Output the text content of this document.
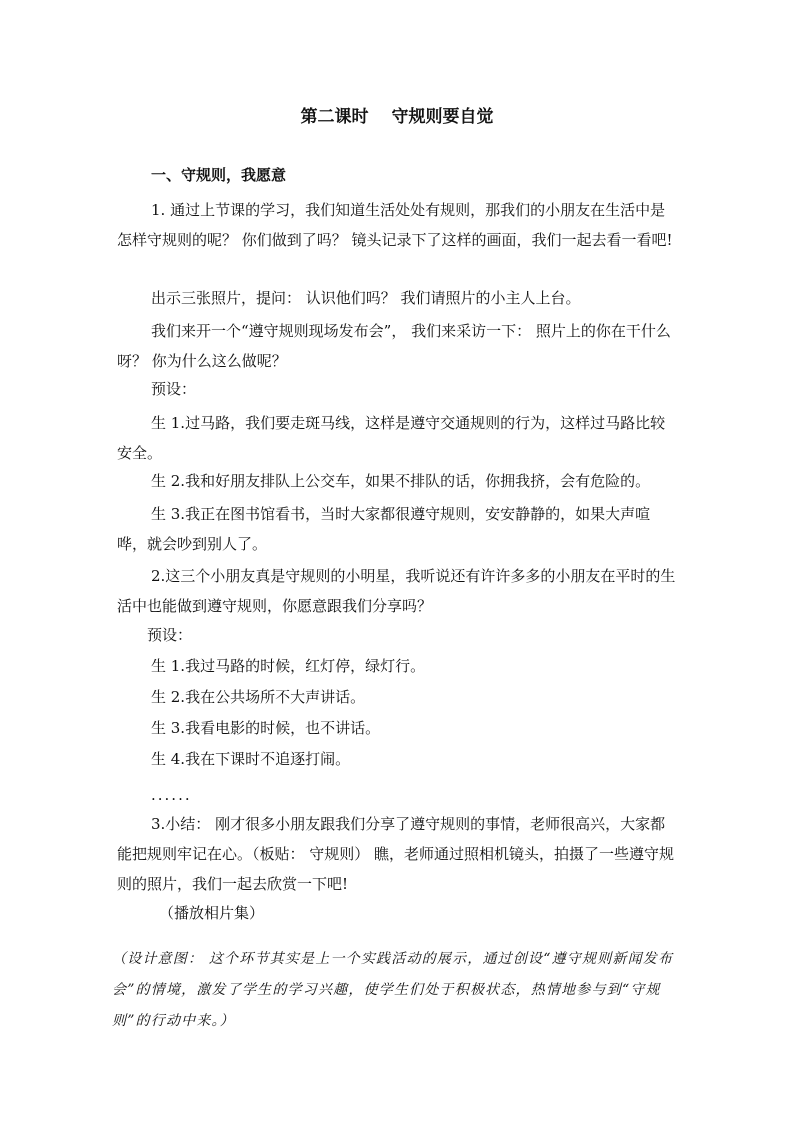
第二课时　 守规则要自觉

一、守规则，我愿意

1. 通过上节课的学习，我们知道生活处处有规则，那我们的小朋友在生活中是怎样守规则的呢？ 你们做到了吗？ 镜头记录下了这样的画面，我们一起去看一看吧!

出示三张照片，提问： 认识他们吗？ 我们请照片的小主人上台。

我们来开一个“遵守规则现场发布会”， 我们来采访一下： 照片上的你在干什么呀？ 你为什么这么做呢？

预设：

生 1.过马路，我们要走斑马线，这样是遵守交通规则的行为，这样过马路比较安全。

生 2.我和好朋友排队上公交车，如果不排队的话，你拥我挤，会有危险的。

生 3.我正在图书馆看书，当时大家都很遵守规则，安安静静的，如果大声喧哗，就会吵到别人了。

2.这三个小朋友真是守规则的小明星，我听说还有许许多多的小朋友在平时的生活中也能做到遵守规则，你愿意跟我们分享吗？

预设：

生 1.我过马路的时候，红灯停，绿灯行。

生 2.我在公共场所不大声讲话。

生 3.我看电影的时候，也不讲话。

生 4.我在下课时不追逐打闹。

......

3.小结： 刚才很多小朋友跟我们分享了遵守规则的事情，老师很高兴，大家都能把规则牢记在心。（板贴： 守规则） 瞧，老师通过照相机镜头，拍摄了一些遵守规则的照片，我们一起去欣赏一下吧!

（播放相片集）

（设计意图： 这个环节其实是上一个实践活动的展示，通过创设“遵守规则新闻发布会”的情境，激发了学生的学习兴趣，使学生们处于积极状态，热情地参与到“守规则”的行动中来。）
